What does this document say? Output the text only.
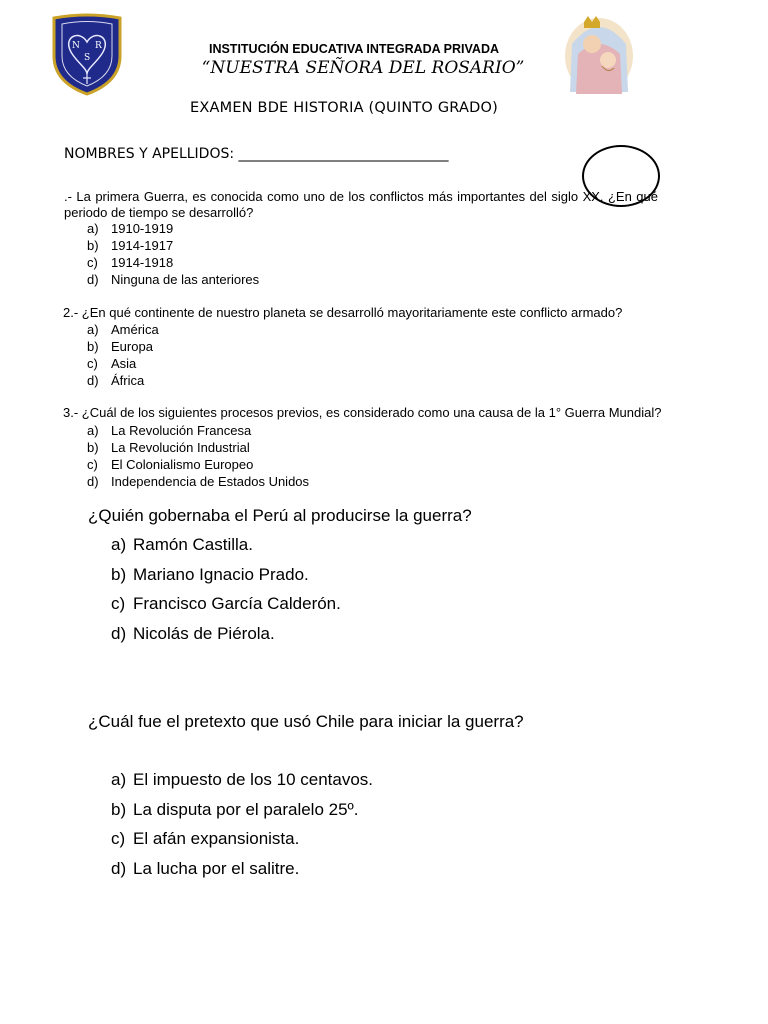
N
S
R	INSTITUCIÓN EDUCATIVA INTEGRADA PRIVADA
“NUESTRA SEÑORA DEL ROSARIO”
EXAMEN BDE HISTORIA (QUINTO GRADO)
NOMBRES Y APELLIDOS: ______________________________
.- La primera Guerra, es conocida como uno de los conflictos más importantes del siglo XX. ¿En qué periodo de tiempo se desarrolló?
a) 1910-1919
b) 1914-1917
c)	1914-1918
d) Ninguna de las anteriores
2.- ¿En qué continente de nuestro planeta se desarrolló mayoritariamente este conflicto armado?
a) América
b) Europa
c)	Asia
d) África
3.- ¿Cuál de los siguientes procesos previos, es considerado como una causa de la 1° Guerra Mundial?
a) La Revolución Francesa
b) La Revolución Industrial
c)	El Colonialismo Europeo
d) Independencia de Estados Unidos
¿Quién gobernaba el Perú al producirse la guerra?
a) Ramón Castilla.
b) Mariano Ignacio Prado.
c) Francisco García Calderón.
d) Nicolás de Piérola.
¿Cuál fue el pretexto que usó Chile para iniciar la guerra?
a) El impuesto de los 10 centavos.
b) La disputa por el paralelo 25º.
c) El afán expansionista.
d) La lucha por el salitre.
